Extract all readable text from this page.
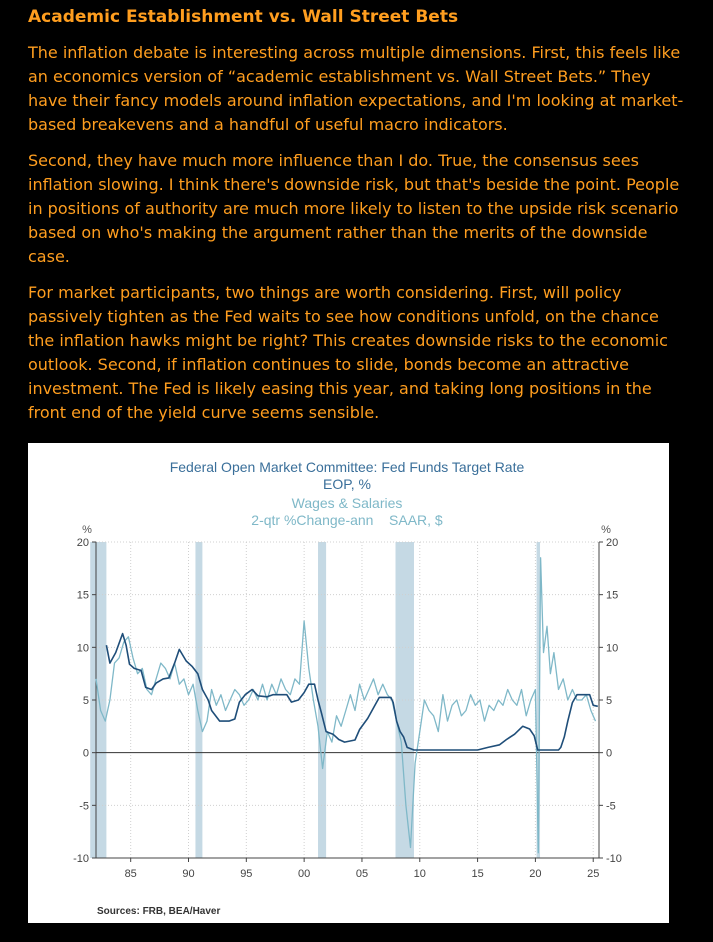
Academic Establishment vs. Wall Street Bets

The inflation debate is interesting across multiple dimensions. First, this feels like an economics version of “academic establishment vs. Wall Street Bets.” They have their fancy models around inflation expectations, and I'm looking at market-based breakevens and a handful of useful macro indicators.

Second, they have much more influence than I do. True, the consensus sees inflation slowing. I think there's downside risk, but that's beside the point. People in positions of authority are much more likely to listen to the upside risk scenario based on who's making the argument rather than the merits of the downside case.

For market participants, two things are worth considering. First, will policy passively tighten as the Fed waits to see how conditions unfold, on the chance the inflation hawks might be right? This creates downside risks to the economic outlook. Second, if inflation continues to slide, bonds become an attractive investment. The Fed is likely easing this year, and taking long positions in the front end of the yield curve seems sensible.

20	20
15	15
10	10
5	5
0	0
-5	-5
-10	-10
85	90	95	00	05	10	15	20	25
Federal Open Market Committee: Fed Funds Target Rate
EOP, %
Wages & Salaries
2-qtr %Change-ann    SAAR, $
%	%
Sources: FRB, BEA/Haver
